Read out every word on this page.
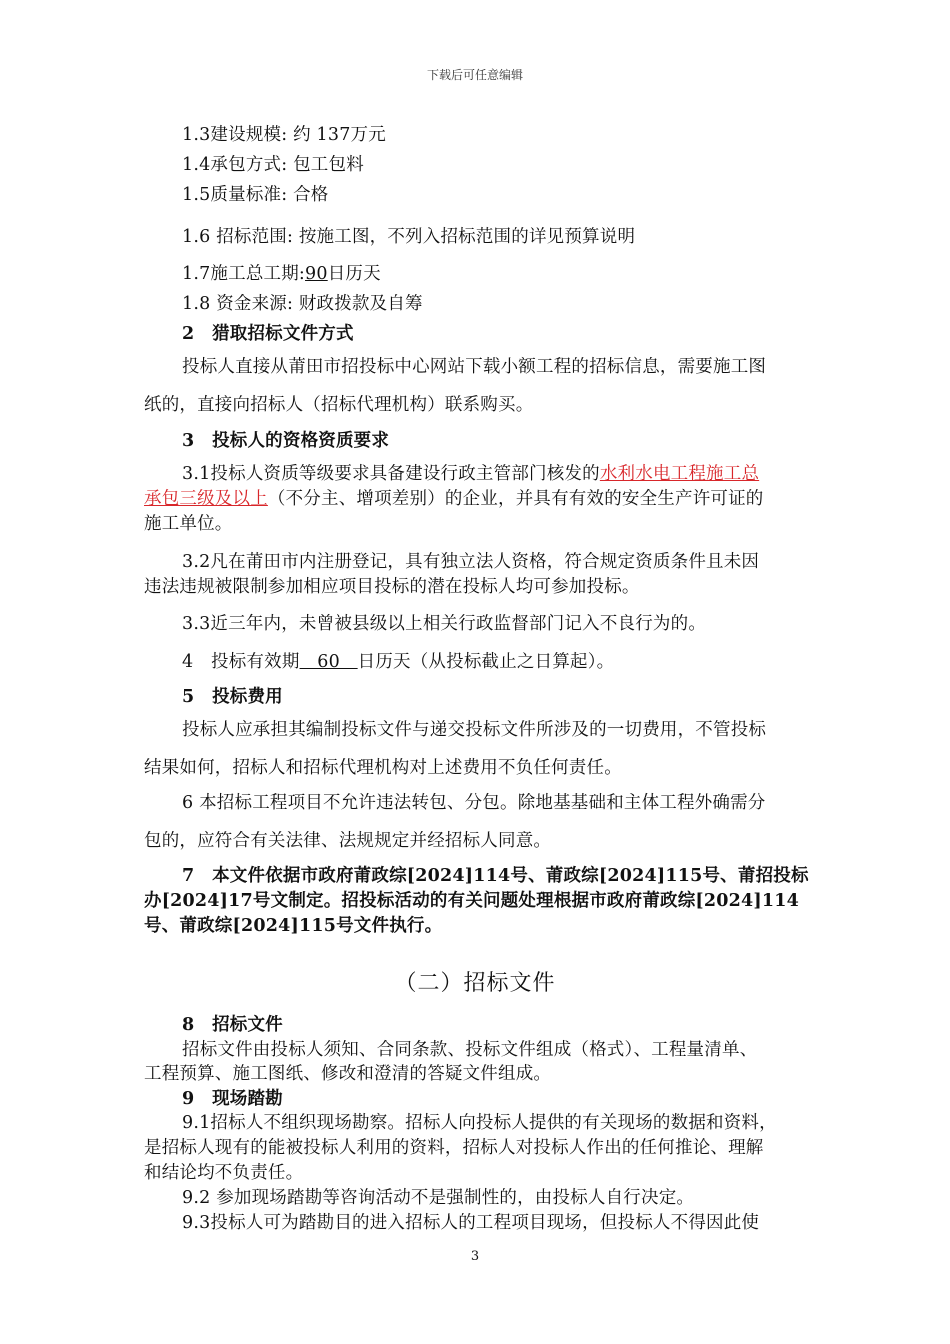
下载后可任意编辑
1.3建设规模: 约 137万元
1.4承包方式: 包工包料
1.5质量标准: 合格
1.6 招标范围: 按施工图，不列入招标范围的详见预算说明
1.7施工总工期:90日历天
1.8 资金来源: 财政拨款及自筹
2　猎取招标文件方式
投标人直接从莆田市招投标中心网站下载小额工程的招标信息，需要施工图
纸的，直接向招标人（招标代理机构）联系购买。
3　投标人的资格资质要求
3.1投标人资质等级要求具备建设行政主管部门核发的水利水电工程施工总
承包三级及以上（不分主、增项差别）的企业，并具有有效的安全生产许可证的
施工单位。
3.2凡在莆田市内注册登记，具有独立法人资格，符合规定资质条件且未因
违法违规被限制参加相应项目投标的潜在投标人均可参加投标。
3.3近三年内，未曾被县级以上相关行政监督部门记入不良行为的。
4　投标有效期　60　日历天（从投标截止之日算起）。
5　投标费用
投标人应承担其编制投标文件与递交投标文件所涉及的一切费用，不管投标
结果如何，招标人和招标代理机构对上述费用不负任何责任。
6 本招标工程项目不允许违法转包、分包。除地基基础和主体工程外确需分
包的，应符合有关法律、法规规定并经招标人同意。
7　本文件依据市政府莆政综[2024]114号、莆政综[2024]115号、莆招投标
办[2024]17号文制定。招投标活动的有关问题处理根据市政府莆政综[2024]114
号、莆政综[2024]115号文件执行。
（二）招标文件
8　招标文件
招标文件由投标人须知、合同条款、投标文件组成（格式）、工程量清单、
工程预算、施工图纸、修改和澄清的答疑文件组成。
9　现场踏勘
9.1招标人不组织现场勘察。招标人向投标人提供的有关现场的数据和资料，
是招标人现有的能被投标人利用的资料，招标人对投标人作出的任何推论、理解
和结论均不负责任。
9.2 参加现场踏勘等咨询活动不是强制性的，由投标人自行决定。
9.3投标人可为踏勘目的进入招标人的工程项目现场，但投标人不得因此使
3
